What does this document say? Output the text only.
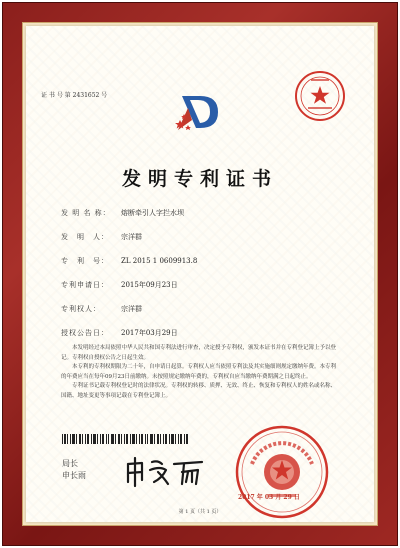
证 书 号 第 2431652 号
发明专利证书
发 明 名 称： 熔断牵引人字拦水坝
发　明　人： 宗洋群
专　利　号： ZL 2015 1 0609913.8
专利申请日： 2015年09月23日
专利权人：	宗洋群
授权公告日： 2017年03月29日

本发明经过本局依照中华人民共和国专利法进行审查，决定授予专利权，颁发本证书并在专利登记簿上予以登记。专利权自授权公告之日起生效。

本专利的专利权期限为二十年，自申请日起算。专利权人应当依照专利法及其实施细则规定缴纳年费。本专利的年费应当在每年09月23日前缴纳。未按照规定缴纳年费的，专利权自应当缴纳年费期满之日起终止。

专利证书记载专利权登记时的法律状况。专利权的转移、质押、无效、终止、恢复和专利权人的姓名或名称、国籍、地址变更等事项记载在专利登记簿上。

局长
申长雨
2017 年 03 月 29 日
第 1 页（共 1 页）
